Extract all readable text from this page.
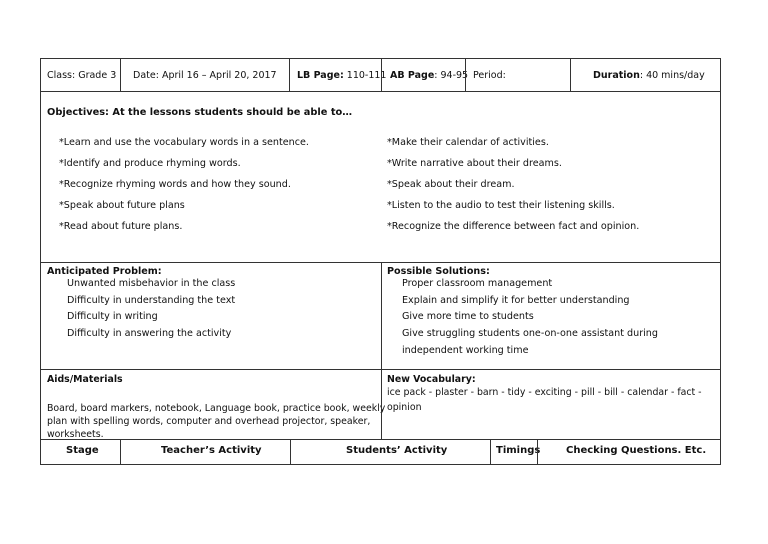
Class: Grade 3 Date: April 16 – April 20, 2017 LB Page: 110-111 AB Page: 94-95 Period:	Duration: 40 mins/day
Objectives: At the lessons students should be able to…
*Learn and use the vocabulary words in a sentence.
*Identify and produce rhyming words.
*Recognize rhyming words and how they sound.
*Speak about future plans
*Read about future plans.
*Make their calendar of activities.
*Write narrative about their dreams.
*Speak about their dream.
*Listen to the audio to test their listening skills.
*Recognize the difference between fact and opinion.
Anticipated Problem:
Unwanted misbehavior in the class
Difficulty in understanding the text
Difficulty in writing
Difficulty in answering the activity
Possible Solutions:
Proper classroom management
Explain and simplify it for better understanding
Give more time to students
Give struggling students one-on-one assistant during
independent working time
Aids/Materials
Board, board markers, notebook, Language book, practice book, weekly
plan with spelling words, computer and overhead projector, speaker,
worksheets.
New Vocabulary:
ice pack - plaster - barn - tidy - exciting - pill - bill - calendar - fact -
opinion
Stage	Teacher’s Activity	Students’ Activity	Timings	Checking Questions. Etc.
